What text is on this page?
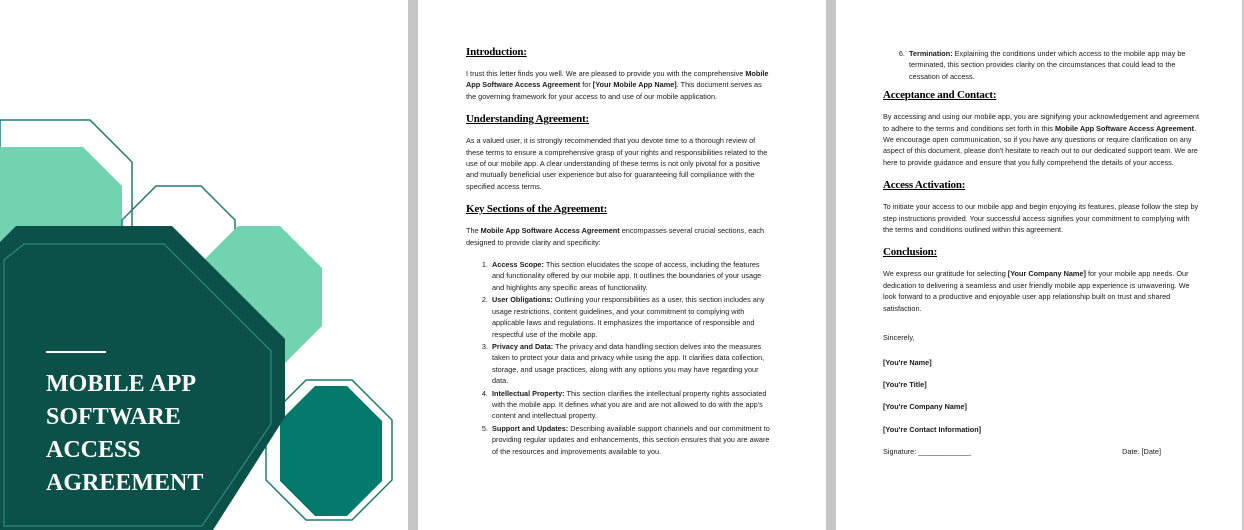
MOBILE APP
SOFTWARE
ACCESS
AGREEMENT
Introduction:

I trust this letter finds you well. We are pleased to provide you with the comprehensive Mobile App Software Access Agreement for [Your Mobile App Name]. This document serves as the governing framework for your access to and use of our mobile application.

Understanding Agreement:

As a valued user, it is strongly recommended that you devote time to a thorough review of these terms to ensure a comprehensive grasp of your rights and responsibilities related to the use of our mobile app. A clear understanding of these terms is not only pivotal for a positive and mutually beneficial user experience but also for guaranteeing full compliance with the specified access terms.

Key Sections of the Agreement:

The Mobile App Software Access Agreement encompasses several crucial sections, each designed to provide clarity and specificity:

1. Access Scope: This section elucidates the scope of access, including the features and functionality offered by our mobile app. It outlines the boundaries of your usage and highlights any specific areas of functionality.
2. User Obligations: Outlining your responsibilities as a user, this section includes any usage restrictions, content guidelines, and your commitment to complying with applicable laws and regulations. It emphasizes the importance of responsible and respectful use of the mobile app.
3. Privacy and Data: The privacy and data handling section delves into the measures taken to protect your data and privacy while using the app. It clarifies data collection, storage, and usage practices, along with any options you may have regarding your data.
4. Intellectual Property: This section clarifies the intellectual property rights associated with the mobile app. It defines what you are and are not allowed to do with the app's content and intellectual property.
5. Support and Updates: Describing available support channels and our commitment to providing regular updates and enhancements, this section ensures that you are aware of the resources and improvements available to you.
6. Termination: Explaining the conditions under which access to the mobile app may be terminated, this section provides clarity on the circumstances that could lead to the cessation of access.
Acceptance and Contact:

By accessing and using our mobile app, you are signifying your acknowledgement and agreement to adhere to the terms and conditions set forth in this Mobile App Software Access Agreement. We encourage open communication, so if you have any questions or require clarification on any aspect of this document, please don't hesitate to reach out to our dedicated support team. We are here to provide guidance and ensure that you fully comprehend the details of your access.

Access Activation:

To initiate your access to our mobile app and begin enjoying its features, please follow the step by step instructions provided. Your successful access signifies your commitment to complying with the terms and conditions outlined within this agreement.

Conclusion:

We express our gratitude for selecting [Your Company Name] for your mobile app needs. Our dedication to delivering a seamless and user friendly mobile app experience is unwavering. We look forward to a productive and enjoyable user app relationship built on trust and shared satisfaction.

Sincerely,

[You're Name]

[You're Title]

[You're Company Name]

[You're Contact Information]

Signature: _____________	Date: [Date]
